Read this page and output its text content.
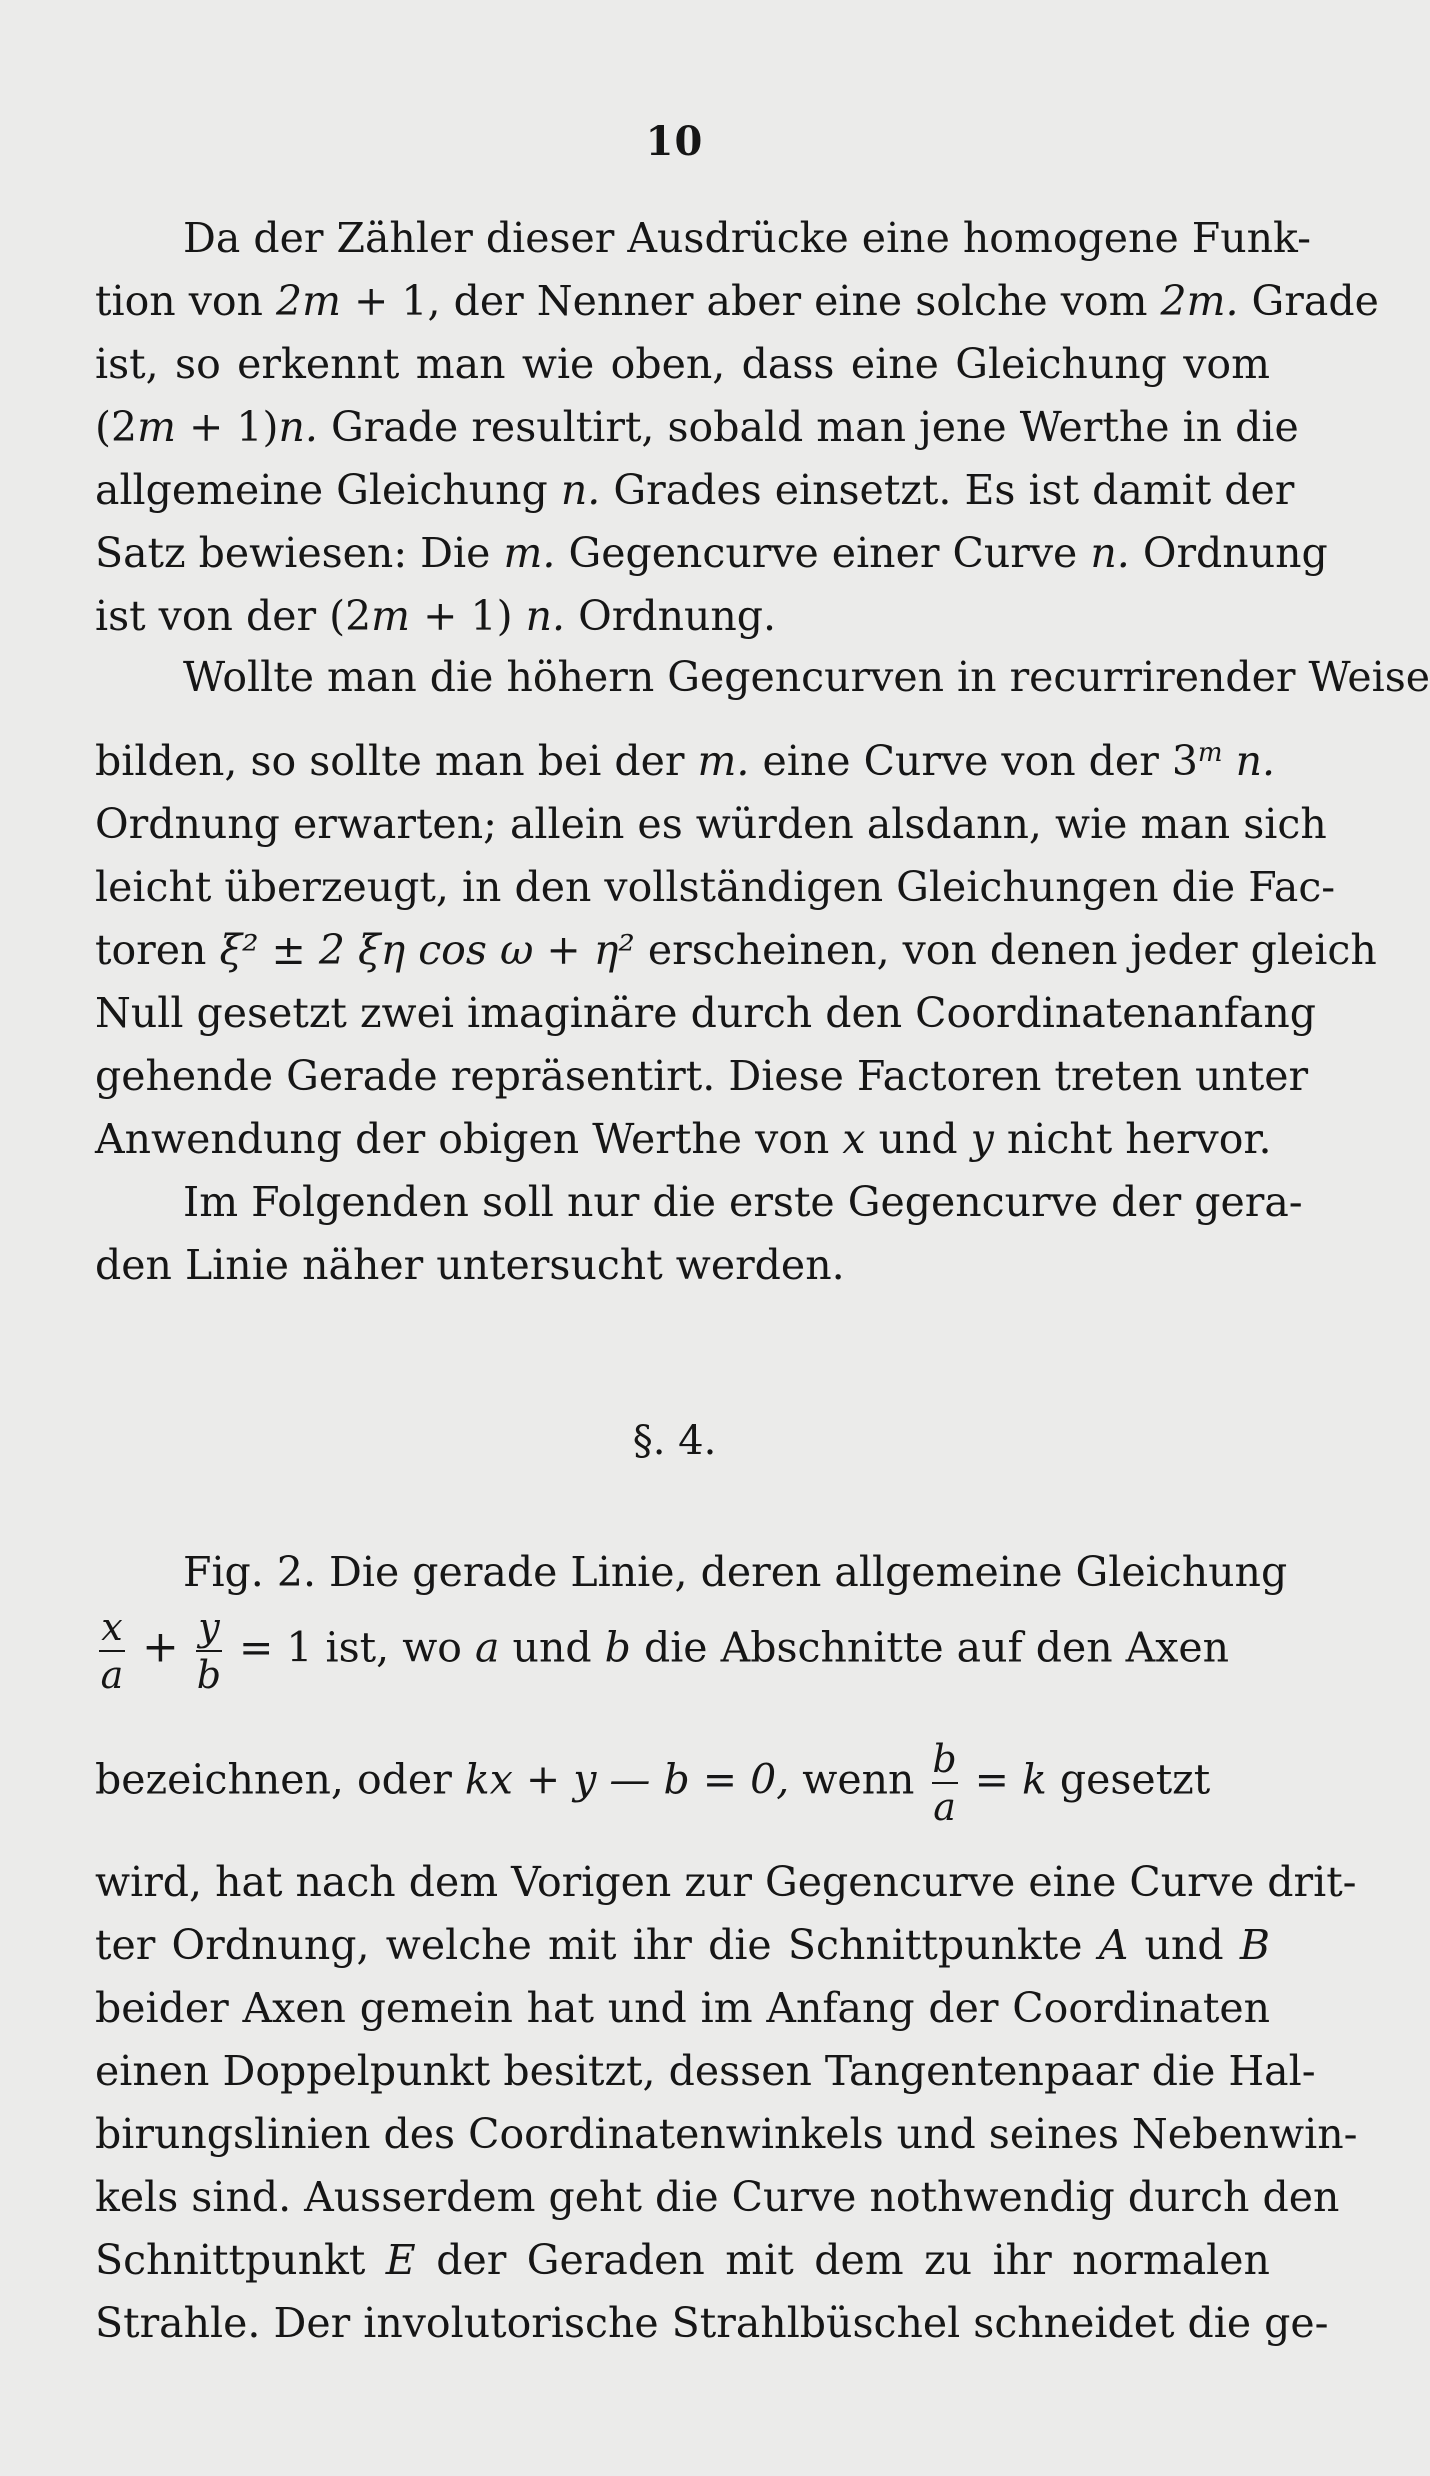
10
Da der Zähler dieser Ausdrücke eine homogene Funk-
tion von 2m + 1, der Nenner aber eine solche vom 2m. Grade
ist, so erkennt man wie oben, dass eine Gleichung vom
(2m + 1)n. Grade resultirt, sobald man jene Werthe in die
allgemeine Gleichung n. Grades einsetzt. Es ist damit der
Satz bewiesen: Die m. Gegencurve einer Curve n. Ordnung
ist von der (2m + 1) n. Ordnung.
Wollte man die höhern Gegencurven in recurrirender Weise
bilden, so sollte man bei der m. eine Curve von der 3$^m$ n.
Ordnung erwarten; allein es würden alsdann, wie man sich
leicht überzeugt, in den vollständigen Gleichungen die Fac-
toren ξ² ± 2 ξη cos ω + η² erscheinen, von denen jeder gleich
Null gesetzt zwei imaginäre durch den Coordinatenanfang
gehende Gerade repräsentirt. Diese Factoren treten unter
Anwendung der obigen Werthe von x und y nicht hervor.
Im Folgenden soll nur die erste Gegencurve der gera-
den Linie näher untersucht werden.
§. 4.
Fig. 2. Die gerade Linie, deren allgemeine Gleichung
$\frac{x}{a} + \frac{y}{b} = 1$ ist, wo a und b die Abschnitte auf den Axen
bezeichnen, oder kx + y — b = 0, wenn $\frac{b}{a} = k$ gesetzt
wird, hat nach dem Vorigen zur Gegencurve eine Curve drit-
ter Ordnung, welche mit ihr die Schnittpunkte A und B
beider Axen gemein hat und im Anfang der Coordinaten
einen Doppelpunkt besitzt, dessen Tangentenpaar die Hal-
birungslinien des Coordinatenwinkels und seines Nebenwin-
kels sind. Ausserdem geht die Curve nothwendig durch den
Schnittpunkt E der Geraden mit dem zu ihr normalen
Strahle. Der involutorische Strahlbüschel schneidet die ge-
